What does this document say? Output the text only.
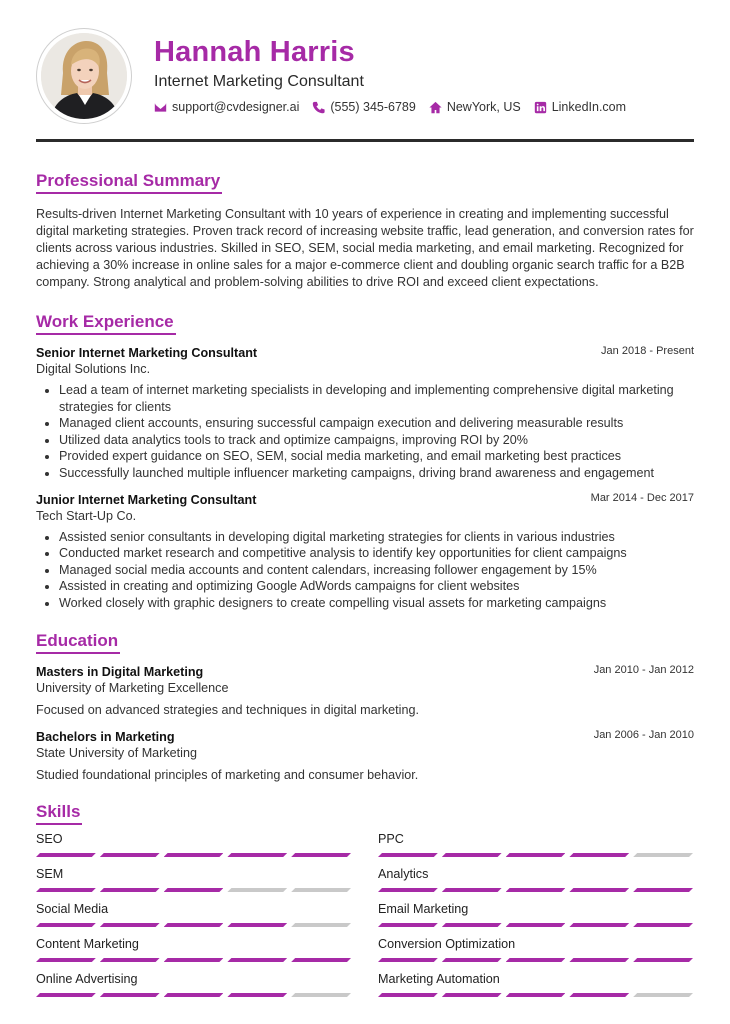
Hannah Harris
Internet Marketing Consultant
support@cvdesigner.ai (555) 345-6789 NewYork, US LinkedIn.com
Professional Summary

Results-driven Internet Marketing Consultant with 10 years of experience in creating and implementing successful digital marketing strategies. Proven track record of increasing website traffic, lead generation, and conversion rates for clients across various industries. Skilled in SEO, SEM, social media marketing, and email marketing. Recognized for achieving a 30% increase in online sales for a major e-commerce client and doubling organic search traffic for a B2B company. Strong analytical and problem-solving abilities to drive ROI and exceed client expectations.

Work Experience
Senior Internet Marketing Consultant	Jan 2018 - Present
Digital Solutions Inc.
• Lead a team of internet marketing specialists in developing and implementing comprehensive digital marketing strategies for clients
• Managed client accounts, ensuring successful campaign execution and delivering measurable results
• Utilized data analytics tools to track and optimize campaigns, improving ROI by 20%
• Provided expert guidance on SEO, SEM, social media marketing, and email marketing best practices
• Successfully launched multiple influencer marketing campaigns, driving brand awareness and engagement
Junior Internet Marketing Consultant	Mar 2014 - Dec 2017
Tech Start-Up Co.
• Assisted senior consultants in developing digital marketing strategies for clients in various industries
• Conducted market research and competitive analysis to identify key opportunities for client campaigns
• Managed social media accounts and content calendars, increasing follower engagement by 15%
• Assisted in creating and optimizing Google AdWords campaigns for client websites
• Worked closely with graphic designers to create compelling visual assets for marketing campaigns
Education
Masters in Digital Marketing	Jan 2010 - Jan 2012
University of Marketing Excellence
Focused on advanced strategies and techniques in digital marketing.
Bachelors in Marketing	Jan 2006 - Jan 2010
State University of Marketing
Studied foundational principles of marketing and consumer behavior.
Skills
SEO	PPC
SEM	Analytics
Social Media	Email Marketing
Content Marketing	Conversion Optimization
Online Advertising	Marketing Automation
